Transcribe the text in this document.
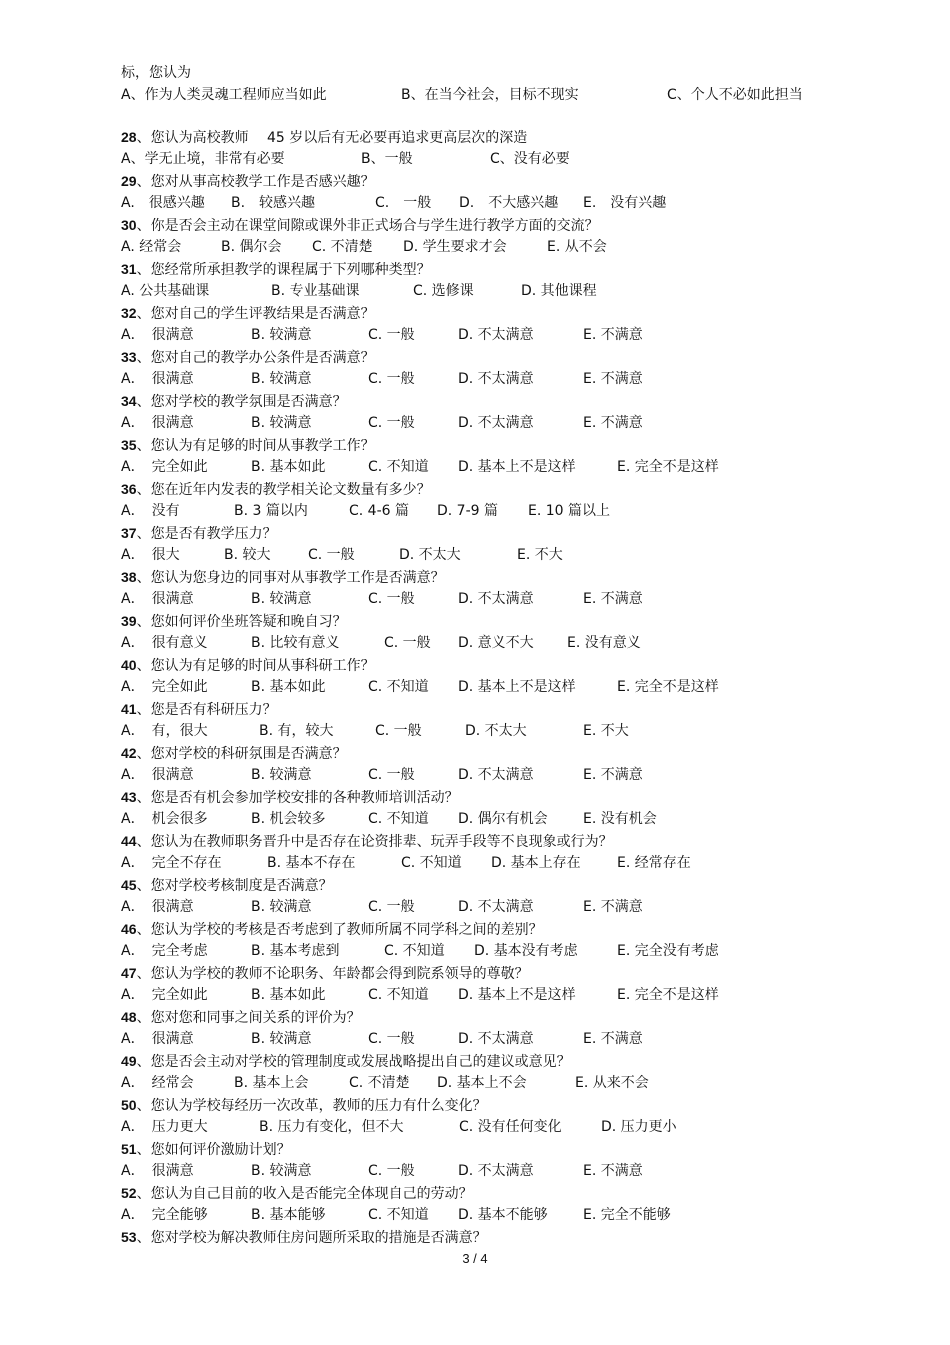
标，您认为
A、作为人类灵魂工程师应当如此	B、在当今社会，目标不现实	C、个人不必如此担当
28、您认为高校教师　 45 岁以后有无必要再追求更高层次的深造
A、学无止境，非常有必要	B、一般	C、没有必要
29、您对从事高校教学工作是否感兴趣？
A.　很感兴趣 B.　较感兴趣	C.　一般 D.　不大感兴趣 E.　没有兴趣
30、你是否会主动在课堂间隙或课外非正式场合与学生进行教学方面的交流？
A. 经常会	B. 偶尔会 C. 不清楚 D. 学生要求才会	E. 从不会
31、您经常所承担教学的课程属于下列哪种类型？
A. 公共基础课	B. 专业基础课	C. 选修课	D. 其他课程
32、您对自己的学生评教结果是否满意？
A．　很满意	B. 较满意	C. 一般	D. 不太满意	E. 不满意
33、您对自己的教学办公条件是否满意？
A．　很满意	B. 较满意	C. 一般	D. 不太满意	E. 不满意
34、您对学校的教学氛围是否满意？
A．　很满意	B. 较满意	C. 一般	D. 不太满意	E. 不满意
35、您认为有足够的时间从事教学工作？
A．　完全如此	B. 基本如此	C. 不知道 D. 基本上不是这样	E. 完全不是这样
36、您在近年内发表的教学相关论文数量有多少？
A．　没有	B. 3 篇以内	C. 4-6 篇 D. 7-9 篇 E. 10 篇以上
37、您是否有教学压力？
A．　很大	B. 较大	C. 一般	D. 不太大	E. 不大
38、您认为您身边的同事对从事教学工作是否满意？
A．　很满意	B. 较满意	C. 一般	D. 不太满意	E. 不满意
39、您如何评价坐班答疑和晚自习？
A．　很有意义	B. 比较有意义	C. 一般 D. 意义不大 E. 没有意义
40、您认为有足够的时间从事科研工作？
A．　完全如此	B. 基本如此	C. 不知道 D. 基本上不是这样	E. 完全不是这样
41、您是否有科研压力？
A．　有，很大	B. 有，较大	C. 一般	D. 不太大	E. 不大
42、您对学校的科研氛围是否满意？
A．　很满意	B. 较满意	C. 一般	D. 不太满意	E. 不满意
43、您是否有机会参加学校安排的各种教师培训活动？
A．　机会很多	B. 机会较多	C. 不知道 D. 偶尔有机会	E. 没有机会
44、您认为在教师职务晋升中是否存在论资排辈、玩弄手段等不良现象或行为？
A．　完全不存在	B. 基本不存在	C. 不知道 D. 基本上存在	E. 经常存在
45、您对学校考核制度是否满意？
A．　很满意	B. 较满意	C. 一般	D. 不太满意	E. 不满意
46、您认为学校的考核是否考虑到了教师所属不同学科之间的差别？
A．　完全考虑	B. 基本考虑到	C. 不知道 D. 基本没有考虑	E. 完全没有考虑
47、您认为学校的教师不论职务、年龄都会得到院系领导的尊敬？
A．　完全如此	B. 基本如此	C. 不知道 D. 基本上不是这样	E. 完全不是这样
48、您对您和同事之间关系的评价为？
A．　很满意	B. 较满意	C. 一般	D. 不太满意	E. 不满意
49、您是否会主动对学校的管理制度或发展战略提出自己的建议或意见？
A．　经常会	B. 基本上会	C. 不清楚 D. 基本上不会	E. 从来不会
50、您认为学校每经历一次改革，教师的压力有什么变化？
A．　压力更大	B. 压力有变化，但不大	C. 没有任何变化	D. 压力更小
51、您如何评价激励计划？
A．　很满意	B. 较满意	C. 一般	D. 不太满意	E. 不满意
52、您认为自己目前的收入是否能完全体现自己的劳动？
A．　完全能够	B. 基本能够	C. 不知道 D. 基本不能够	E. 完全不能够
53、您对学校为解决教师住房问题所采取的措施是否满意？
3 / 4
